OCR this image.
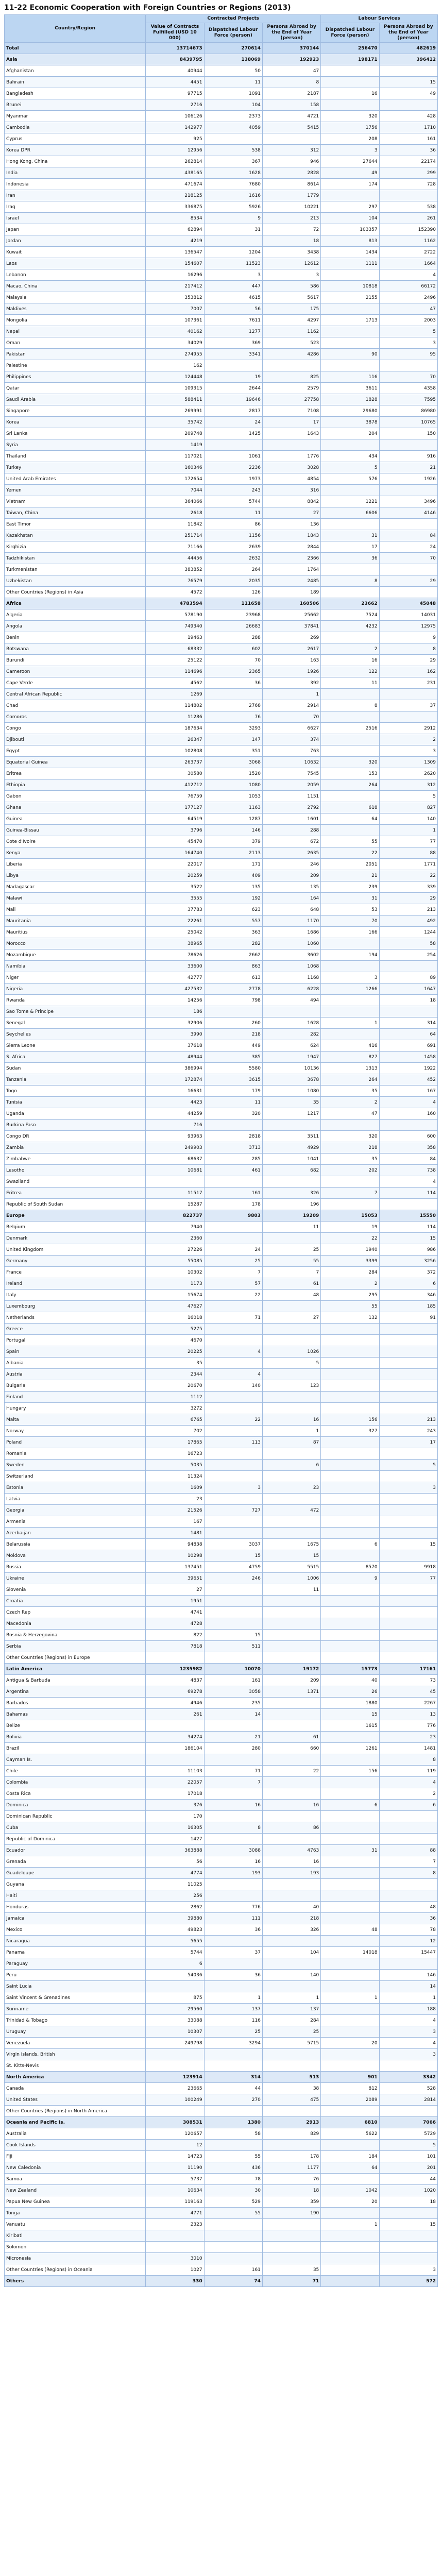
11-22 Economic Cooperation with Foreign Countries or Regions (2013)
Country/Region	Contracted Projects			Labour Services	
	Value of Contracts Fulfilled (USD 10 000)	Dispatched Labour Force (person)	Persons Abroad by the End of Year (person)	Dispatched Labour Force (person)	Persons Abroad by the End of Year (person)
Total	13714673	270614	370144	256470	482619
Asia	8439795	138069	192923	198171	396412
Afghanistan	40944	50	47		
Bahrain	4451	11	8		15
Bangladesh	97715	1091	2187	16	49
Brunei	2716	104	158		
Myanmar	106126	2373	4721	320	428
Cambodia	142977	4059	5415	1756	1710
Cyprus	925			208	161
Korea DPR	12956	538	312	3	36
Hong Kong, China	262814	367	946	27644	22174
India	438165	1628	2828	49	299
Indonesia	471674	7680	8614	174	728
Iran	218125	1616	1779		
Iraq	336875	5926	10221	297	538
Israel	8534	9	213	104	261
Japan	62894	31	72	103357	152390
Jordan	4219		18	813	1162
Kuwait	136547	1204	3438	1434	2722
Laos	154607	11523	12612	1111	1664
Lebanon	16296	3	3		4
Macao, China	217412	447	586	10818	66172
Malaysia	353812	4615	5617	2155	2496
Maldives	7007	56	175		47
Mongolia	107361	7611	4297	1713	2003
Nepal	40162	1277	1162		5
Oman	34029	369	523		3
Pakistan	274955	3341	4286	90	95
Palestine	162				
Philippines	124448	19	825	116	70
Qatar	109315	2644	2579	3611	4358
Saudi Arabia	588411	19646	27758	1828	7595
Singapore	269991	2817	7108	29680	86980
Korea	35742	24	17	3878	10765
Sri Lanka	209748	1425	1643	204	150
Syria	1419				
Thailand	117021	1061	1776	434	916
Turkey	160346	2236	3028	5	21
United Arab Emirates	172654	1973	4854	576	1926
Yemen	7044	243	316		
Vietnam	364066	5744	8842	1221	3496
Taiwan, China	2618	11	27	6606	4146
East Timor	11842	86	136		
Kazakhstan	251714	1156	1843	31	84
Kirghizia	71166	2639	2844	17	24
Tadzhikistan	44456	2632	2366	36	70
Turkmenistan	383852	264	1764		
Uzbekistan	76579	2035	2485	8	29
Other Countries (Regions) in Asia	4572	126	189		
Africa	4783594	111658	160506	23662	45048
Algeria	578190	23968	25662	7524	14031
Angola	749340	26683	37841	4232	12975
Benin	19463	288	269		9
Botswana	68332	602	2617	2	8
Burundi	25122	70	163	16	29
Cameroon	114696	2365	1926	122	162
Cape Verde	4562	36	392	11	231
Central African Republic	1269		1		
Chad	114802	2768	2914	8	37
Comoros	11286	76	70		
Congo	187634	3293	6627	2516	2912
Djibouti	26347	147	374		2
Egypt	102808	351	763		3
Equatorial Guinea	263737	3068	10632	320	1309
Eritrea	30580	1520	7545	153	2620
Ethiopia	412712	1080	2059	264	312
Gabon	76759	1053	1151		5
Ghana	177127	1163	2792	618	827
Guinea	64519	1287	1601	64	140
Guinea-Bissau	3796	146	288		1
Cote d'Ivoire	45470	379	672	55	77
Kenya	164740	2113	2635	22	88
Liberia	22017	171	246	2051	1771
Libya	20259	409	209	21	22
Madagascar	3522	135	135	239	339
Malawi	3555	192	164	31	29
Mali	37783	623	648	53	213
Mauritania	22261	557	1170	70	492
Mauritius	25042	363	1686	166	1244
Morocco	38965	282	1060		58
Mozambique	78626	2662	3602	194	254
Namibia	33600	863	1068		
Niger	42777	613	1168	3	89
Nigeria	427532	2778	6228	1266	1647
Rwanda	14256	798	494		18
Sao Tome & Principe	186				
Senegal	32906	260	1628	1	314
Seychelles	3990	218	282		64
Sierra Leone	37618	449	624	416	691
S. Africa	48944	385	1947	827	1458
Sudan	386994	5580	10136	1313	1922
Tanzania	172874	3615	3678	264	452
Togo	16631	179	1080	35	167
Tunisia	4423	11	35	2	4
Uganda	44259	320	1217	47	160
Burkina Faso	716				
Congo DR	93963	2818	3511	320	600
Zambia	249903	3713	4929	218	358
Zimbabwe	68637	285	1041	35	84
Lesotho	10681	461	682	202	738
Swaziland					4
Eritrea	11517	161	326	7	114
Republic of South Sudan	15287	178	196		
Europe	822737	9803	19209	15053	15550
Belgium	7940		11	19	114
Denmark	2360			22	15
United Kingdom	27226	24	25	1940	986
Germany	55085	25	55	3399	3256
France	10302	7	7	284	372
Ireland	1173	57	61	2	6
Italy	15674	22	48	295	346
Luxembourg	47627			55	185
Netherlands	16018	71	27	132	91
Greece	5275				
Portugal	4670				
Spain	20225	4	1026		
Albania	35		5		
Austria	2344	4			
Bulgaria	20670	140	123		
Finland	1112				
Hungary	3272				
Malta	6765	22	16	156	213
Norway	702		1	327	243
Poland	17865	113	87		17
Romania	16723				
Sweden	5035		6		5
Switzerland	11324				
Estonia	1609	3	23		3
Latvia	23				
Georgia	21526	727	472		
Armenia	167				
Azerbaijan	1481				
Belarussia	94838	3037	1675	6	15
Moldova	10298	15	15		
Russia	137451	4759	5515	8570	9918
Ukraine	39651	246	1006	9	77
Slovenia	27		11		
Croatia	1951				
Czech Rep	4741				
Macedonia	4728				
Bosnia & Herzegovina	822	15			
Serbia	7818	511			
Other Countries (Regions) in Europe					
Latin America	1235982	10070	19172	15773	17161
Antigua & Barbuda	4837	161	209	40	73
Argentina	69278	3058	1371	26	45
Barbados	4946	235		1880	2267
Bahamas	261	14		15	13
Belize				1615	776
Bolivia	34274	21	61		23
Brazil	186104	280	660	1261	1481
Cayman Is.					8
Chile	11103	71	22	156	119
Colombia	22057	7			4
Costa Rica	17018				2
Dominica	376	16	16	6	6
Dominican Republic	170				
Cuba	16305	8	86		
Republic of Dominica	1427				
Ecuador	363888	3088	4763	31	88
Grenada	56	16	16		7
Guadeloupe	4774	193	193		8
Guyana	11025				
Haiti	256				
Honduras	2862	776	40		48
Jamaica	39880	111	218		36
Mexico	49823	36	326	48	78
Nicaragua	5655				12
Panama	5744	37	104	14018	15447
Paraguay	6				
Peru	54036	36	140		146
Saint Lucia					14
Saint Vincent & Grenadines	875	1	1	1	1
Suriname	29560	137	137		188
Trinidad & Tobago	33088	116	284		4
Uruguay	10307	25	25		3
Venezuela	249798	3294	5715	20	4
Virgin Islands, British					3
St. Kitts-Nevis					
North America	123914	314	513	901	3342
Canada	23665	44	38	812	528
United States	100249	270	475	2089	2814
Other Countries (Regions) in North America					
Oceania and Pacific Is.	308531	1380	2913	6810	7066
Australia	120657	58	829	5622	5729
Cook Islands	12				5
Fiji	14723	55	178	184	101
New Caledonia	11190	436	1177	64	201
Samoa	5737	78	76		44
New Zealand	10634	30	18	1042	1020
Papua New Guinea	119163	529	359	20	18
Tonga	4771	55	190		
Vanuatu	2323			1	15
Kiribati					
Solomon					
Micronesia	3010				
Other Countries (Regions) in Oceania	1027	161	35		3
Others	330	74	71		572
